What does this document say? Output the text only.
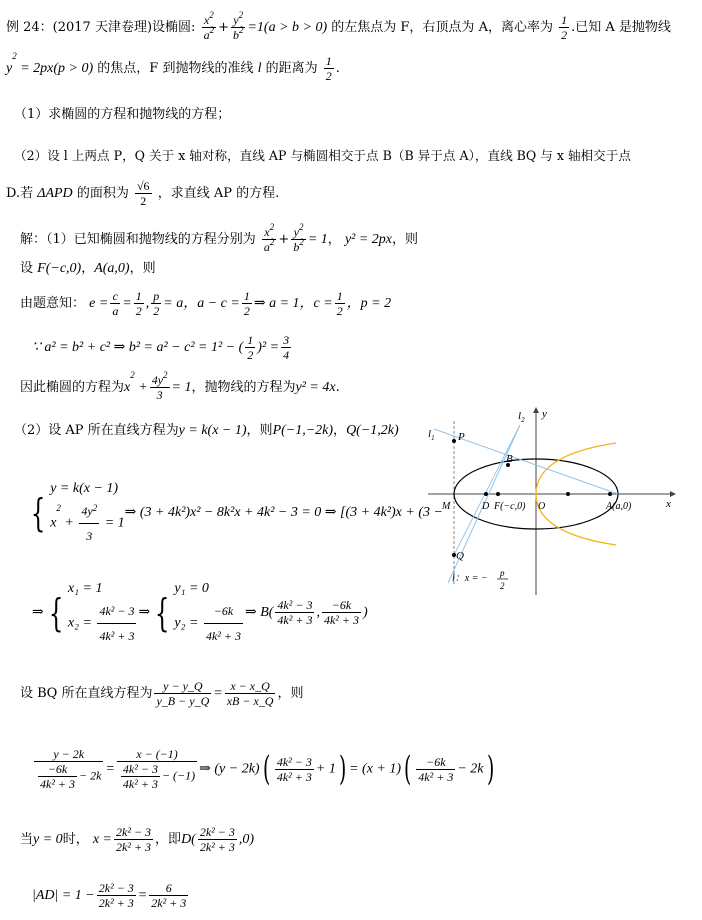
例 24：(2017 天津卷理)设椭圆: $\frac{x^2}{a^2} + \frac{y^2}{b^2} =1(a > b > 0)$ 的左焦点为 F，右顶点为 A，离心率为 $\frac{1}{2}$ .已知 A 是抛物线
$y^2 = 2px(p > 0)$ 的焦点，F 到抛物线的准线 l 的距离为 $\frac{1}{2}$ .
（1）求椭圆的方程和抛物线的方程；
（2）设 l 上两点 P，Q 关于 x 轴对称，直线 AP 与椭圆相交于点 B（B 异于点 A），直线 BQ 与 x 轴相交于点
D.若 ΔAPD 的面积为 $\frac{√6}{2}$ ，求直线 AP 的方程.
解：（1）已知椭圆和抛物线的方程分别为 $\frac{x^2}{a^2} + \frac{y^2}{b^2} = 1$， y² = 2px，则
设 F(−c,0)，A(a,0)，则
由题意知： $e = \frac{c}{a} = \frac{1}{2}$ , $\frac{p}{2} = a$，$a - c = \frac{1}{2}$ ⇒ a = 1，$c = \frac{1}{2}$ ，p = 2
∵ a² = b² + c² ⇒ b² = a² − c² = 1² − ( $\frac{1}{2} )^2 = \frac{3}{4}$
因此椭圆的方程为$x^2 + \frac{4y^2}{3} = 1$，抛物线的方程为y² = 4x.
（2）设 AP 所在直线方程为y = k(x − 1)，则P(−1,−2k)，Q(−1,2k)
{
y = k(x − 1)
$x^2 + \frac{4y^2}{3} = 1$
⇒ (3 + 4k²)x² − 8k²x + 4k² − 3 = 0 ⇒ [(3 + 4k²)x + (3 −
⇒ {
x₁ = 1
$x_2 = \frac{\text{4k² − 3}}{\text{4k² + 3}}$ ⇒ {
y₁ = 0
$y_2 = \frac{-6k}{\text{4k² + 3}}$ ⇒ $B( \frac{\text{4k² − 3}}{\text{4k² + 3}}$ , $\frac{-6k}{\text{4k² + 3}}$ )
设 BQ 所在直线方程为 $\frac{y - y\_Q}{y\_B - y\_Q} = \frac{x - x\_Q}{xB - x\_Q}$ ，则
$\frac{y - 2k}{\frac{-6k}{\text{4k² + 3}} - 2k} = \frac{x - (-1)}{\frac{\text{4k² − 3}}{\text{4k² + 3}} - (-1)}$ ⇒ $(y - 2k)( \frac{\text{4k² − 3}}{\text{4k² + 3}} + 1) = (x + 1)( \frac{-6k}{\text{4k² + 3}} - 2k)$
当y = 0时， $x = \frac{\text{2k² − 3}}{\text{2k² + 3}}$ ，即$D( \frac{\text{2k² − 3}}{\text{2k² + 3}} ,0)$
$|AD| = 1 - \frac{\text{2k² − 3}}{\text{2k² + 3}} = \frac{6}{\text{2k² + 3}}$
$l_1$
$l_2$ y
x
P
B
M	D F(−c,0) O	A(a,0)
Q
l：x = − p
2
